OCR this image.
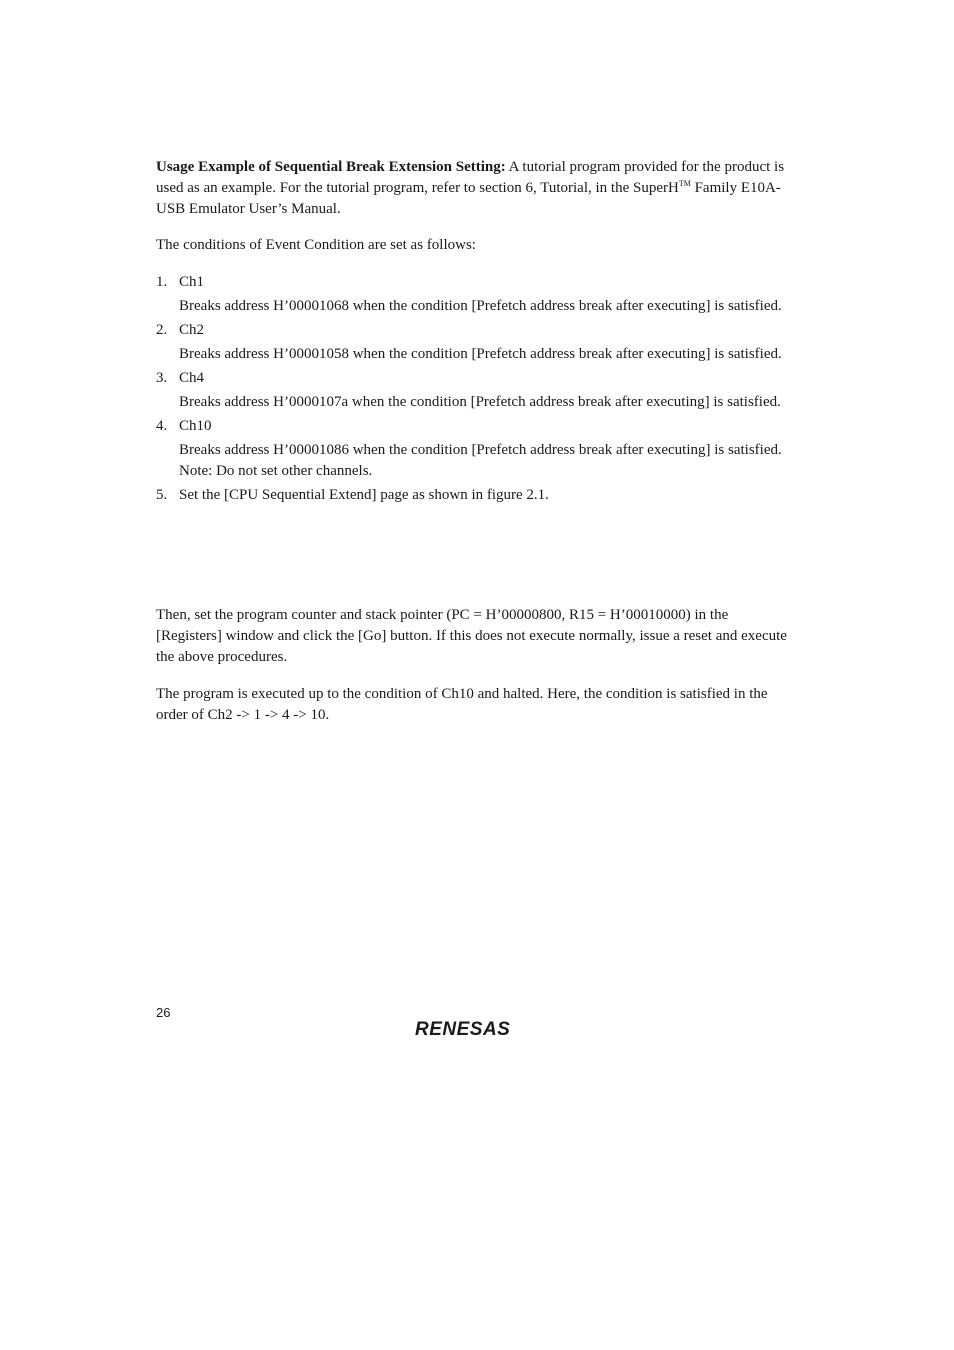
Usage Example of Sequential Break Extension Setting: A tutorial program provided for the product is used as an example. For the tutorial program, refer to section 6, Tutorial, in the SuperH™ Family E10A-USB Emulator User’s Manual.

The conditions of Event Condition are set as follows:

1. Ch1
Breaks address H’00001068 when the condition [Prefetch address break after executing] is satisfied.
2. Ch2
Breaks address H’00001058 when the condition [Prefetch address break after executing] is satisfied.
3. Ch4
Breaks address H’0000107a when the condition [Prefetch address break after executing] is satisfied.
4. Ch10
Breaks address H’00001086 when the condition [Prefetch address break after executing] is satisfied.
Note: Do not set other channels.
5. Set the [CPU Sequential Extend] page as shown in figure 2.1.

Then, set the program counter and stack pointer (PC = H’00000800, R15 = H’00010000) in the [Registers] window and click the [Go] button. If this does not execute normally, issue a reset and execute the above procedures.

The program is executed up to the condition of Ch10 and halted. Here, the condition is satisfied in the order of Ch2 -> 1 -> 4 -> 10.

26
RENESAS
